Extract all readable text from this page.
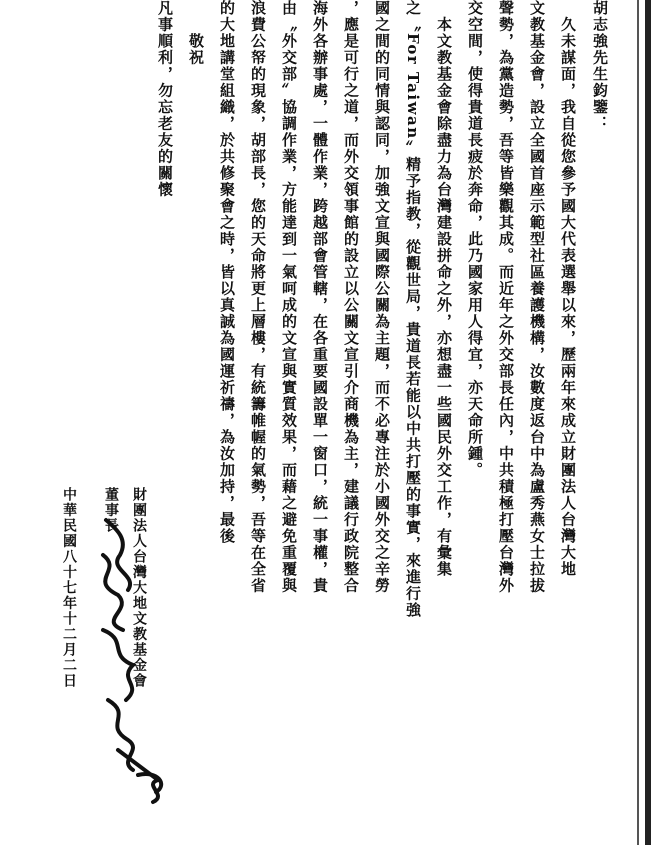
胡志強先生鈞鑒：

　久未謀面，我自從您參予國大代表選舉以來，歷兩年來成立財團法人台灣大地

文教基金會，設立全國首座示範型社區養護機構，汝數度返台中為盧秀燕女士拉拔

聲勢，為黨造勢，吾等皆樂觀其成。而近年之外交部長任內，中共積極打壓台灣外

交空間，使得貴道長疲於奔命，此乃國家用人得宜，亦天命所鍾。

　本文教基金會除盡力為台灣建設拼命之外，亦想盡一些國民外交工作，有彙集

之〝For Taiwan〞精予指教，從觀世局，貴道長若能以中共打壓的事實，來進行強

國之間的同情與認同，加強文宣與國際公關為主題，而不必專注於小國外交之辛勞

，應是可行之道，而外交領事館的設立以公關文宣引介商機為主，建議行政院整合

海外各辦事處，一體作業，跨越部會管轄，在各重要國設單一窗口，統一事權，貴

由〝外交部〞協調作業，方能達到一氣呵成的文宣與實質效果，而藉之避免重覆與

浪費公帑的現象，胡部長，您的天命將更上層樓，有統籌帷幄的氣勢，吾等在全省

的大地講堂組織，於共修聚會之時，皆以真誠為國運祈禱，為汝加持，最後

　　敬祝

凡事順利，勿忘老友的關懷

財團法人台灣大地文教基金會

董事長

中華民國八十七年十二月二日
